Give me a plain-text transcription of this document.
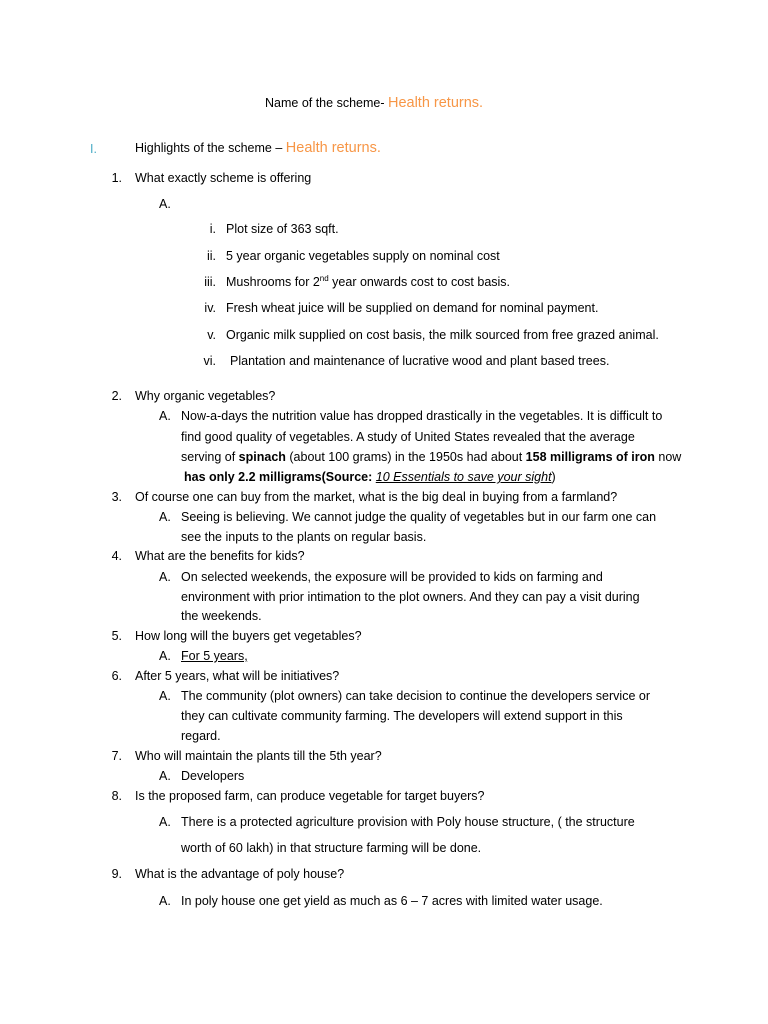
Name of the scheme- Health returns.
I.	Highlights of the scheme – Health returns.
1. What exactly scheme is offering
A.
i. Plot size of 363 sqft.
ii. 5 year organic vegetables supply on nominal cost
iii. Mushrooms for 2nd year onwards cost to cost basis.
iv. Fresh wheat juice will be supplied on demand for nominal payment.
v. Organic milk supplied on cost basis, the milk sourced from free grazed animal.
vi. Plantation and maintenance of lucrative wood and plant based trees.
2. Why organic vegetables?
A. Now-a-days the nutrition value has dropped drastically in the vegetables. It is difficult to
find good quality of vegetables. A study of United States revealed that the average
serving of spinach (about 100 grams) in the 1950s had about 158 milligrams of iron now
has only 2.2 milligrams(Source: 10 Essentials to save your sight)
3. Of course one can buy from the market, what is the big deal in buying from a farmland?
A. Seeing is believing. We cannot judge the quality of vegetables but in our farm one can
see the inputs to the plants on regular basis.
4. What are the benefits for kids?
A. On selected weekends, the exposure will be provided to kids on farming and
environment with prior intimation to the plot owners. And they can pay a visit during
the weekends.
5. How long will the buyers get vegetables?
A. For 5 years,
6. After 5 years, what will be initiatives?
A. The community (plot owners) can take decision to continue the developers service or
they can cultivate community farming. The developers will extend support in this
regard.
7. Who will maintain the plants till the 5th year?
A. Developers
8. Is the proposed farm, can produce vegetable for target buyers?
A. There is a protected agriculture provision with Poly house structure, ( the structure
worth of 60 lakh) in that structure farming will be done.
9. What is the advantage of poly house?
A. In poly house one get yield as much as 6 – 7 acres with limited water usage.
